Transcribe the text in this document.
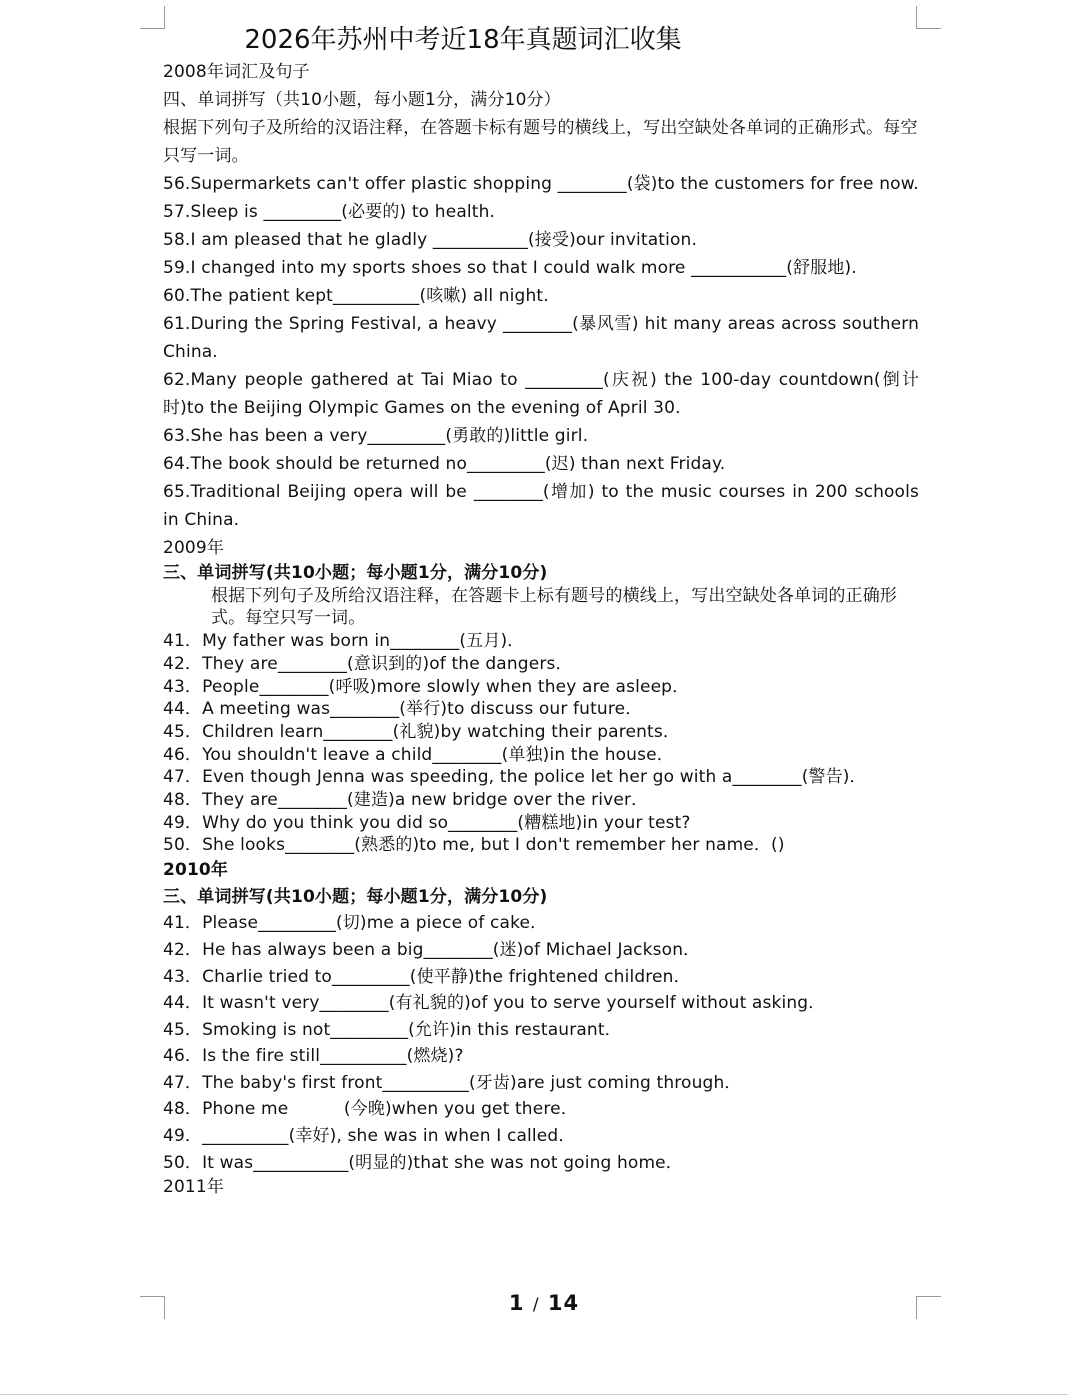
2026年苏州中考近18年真题词汇收集
2008年词汇及句子
四、单词拼写（共10小题，每小题1分，满分10分）
根据下列句子及所给的汉语注释，在答题卡标有题号的横线上，写出空缺处各单词的正确形式。每空只写一词。
56.Supermarkets can't offer plastic shopping ________(袋)to the customers for free now.
57.Sleep is _________(必要的) to health.
58.I am pleased that he gladly ___________(接受)our invitation.
59.I changed into my sports shoes so that I could walk more ___________(舒服地).
60.The patient kept__________(咳嗽) all night.
61.During the Spring Festival, a heavy ________(暴风雪) hit many areas across southern China.
62.Many people gathered at Tai Miao to _________(庆祝) the 100-day countdown(倒计时)to the Beijing Olympic Games on the evening of April 30.
63.She has been a very_________(勇敢的)little girl.
64.The book should be returned no_________(迟) than next Friday.
65.Traditional Beijing opera will be ________(增加) to the music courses in 200 schools in China.
2009年
三、单词拼写(共10小题；每小题1分，满分10分)
根据下列句子及所给汉语注释，在答题卡上标有题号的横线上，写出空缺处各单词的正确形式。每空只写一词。
41．My father was born in________(五月)．
42．They are________(意识到的)of the dangers．
43．People________(呼吸)more slowly when they are asleep．
44．A meeting was________(举行)to discuss our future．
45．Children learn________(礼貌)by watching their parents．
46．You shouldn't leave a child________(单独)in the house．
47．Even though Jenna was speeding, the police let her go with a________(警告)．
48．They are________(建造)a new bridge over the river．
49．Why do you think you did so________(糟糕地)in your test?
50．She looks________(熟悉的)to me, but I don't remember her name．()
2010年
三、单词拼写(共10小题；每小题1分，满分10分)
41．Please_________(切)me a piece of cake．
42．He has always been a big________(迷)of Michael Jackson．
43．Charlie tried to_________(使平静)the frightened children．
44．It wasn't very________(有礼貌的)of you to serve yourself without asking．
45．Smoking is not_________(允许)in this restaurant．
46．Is the fire still__________(燃烧)?
47．The baby's first front__________(牙齿)are just coming through．
48．Phone me          (今晚)when you get there．
49．__________(幸好), she was in when I called．
50．It was___________(明显的)that she was not going home．
2011年
1 / 14
